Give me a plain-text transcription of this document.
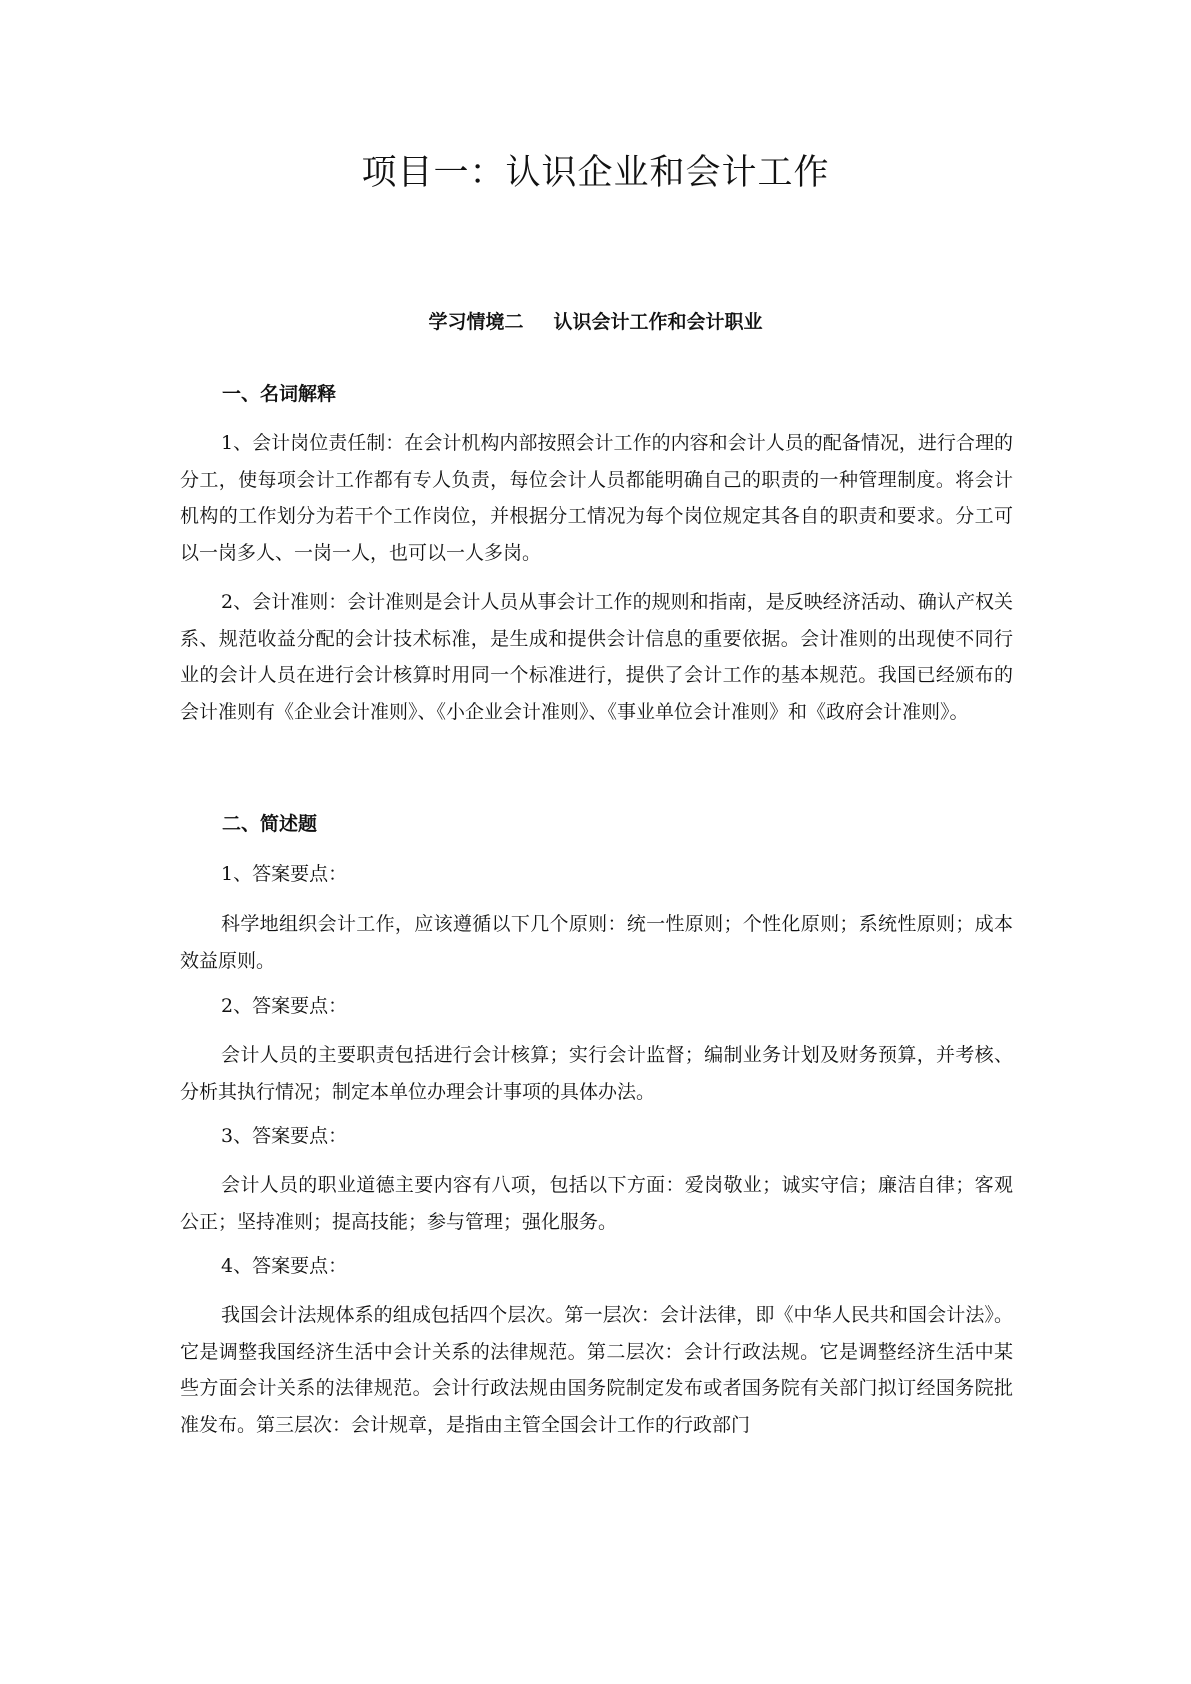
项目一：认识企业和会计工作
学习情境二 认识会计工作和会计职业
一、名词解释
1、会计岗位责任制：在会计机构内部按照会计工作的内容和会计人员的配备情况，进行合理的分工，使每项会计工作都有专人负责，每位会计人员都能明确自己的职责的一种管理制度。将会计机构的工作划分为若干个工作岗位，并根据分工情况为每个岗位规定其各自的职责和要求。分工可以一岗多人、一岗一人，也可以一人多岗。
2、会计准则：会计准则是会计人员从事会计工作的规则和指南，是反映经济活动、确认产权关系、规范收益分配的会计技术标准，是生成和提供会计信息的重要依据。会计准则的出现使不同行业的会计人员在进行会计核算时用同一个标准进行，提供了会计工作的基本规范。我国已经颁布的会计准则有《企业会计准则》、《小企业会计准则》、《事业单位会计准则》和《政府会计准则》。
二、简述题
1、答案要点：
科学地组织会计工作，应该遵循以下几个原则：统一性原则；个性化原则；系统性原则；成本效益原则。
2、答案要点：
会计人员的主要职责包括进行会计核算；实行会计监督；编制业务计划及财务预算，并考核、分析其执行情况；制定本单位办理会计事项的具体办法。
3、答案要点：
会计人员的职业道德主要内容有八项，包括以下方面：爱岗敬业；诚实守信；廉洁自律；客观公正；坚持准则；提高技能；参与管理；强化服务。
4、答案要点：
我国会计法规体系的组成包括四个层次。第一层次：会计法律，即《中华人民共和国会计法》。它是调整我国经济生活中会计关系的法律规范。第二层次：会计行政法规。它是调整经济生活中某些方面会计关系的法律规范。会计行政法规由国务院制定发布或者国务院有关部门拟订经国务院批准发布。第三层次：会计规章，是指由主管全国会计工作的行政部门
